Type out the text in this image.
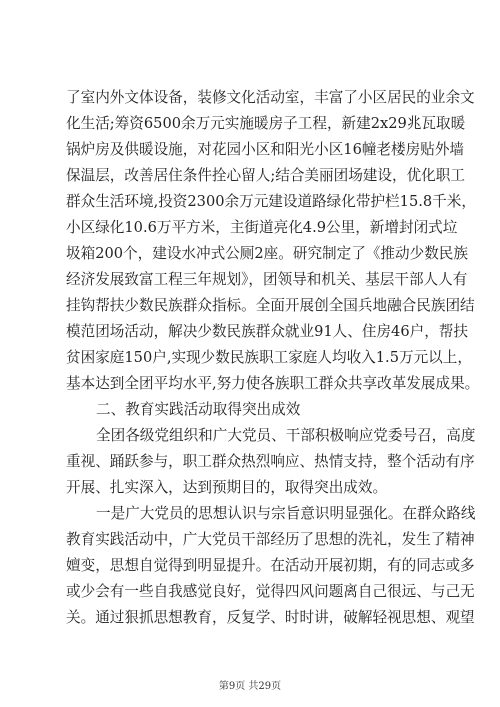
了室内外文体设备，装修文化活动室，丰富了小区居民的业余文
化生活;筹资6500余万元实施暖房子工程，新建2x29兆瓦取暖
锅炉房及供暖设施，对花园小区和阳光小区16幢老楼房贴外墙
保温层，改善居住条件拴心留人;结合美丽团场建设，优化职工
群众生活环境,投资2300余万元建设道路绿化带护栏15.8千米，
小区绿化10.6万平方米，主街道亮化4.9公里，新增封闭式垃
圾箱200个，建设水冲式公厕2座。研究制定了《推动少数民族
经济发展致富工程三年规划》，团领导和机关、基层干部人人有
挂钩帮扶少数民族群众指标。全面开展创全国兵地融合民族团结
模范团场活动，解决少数民族群众就业91人、住房46户，帮扶
贫困家庭150户,实现少数民族职工家庭人均收入1.5万元以上，
基本达到全团平均水平,努力使各族职工群众共享改革发展成果。
二、教育实践活动取得突出成效
全团各级党组织和广大党员、干部积极响应党委号召，高度
重视、踊跃参与，职工群众热烈响应、热情支持，整个活动有序
开展、扎实深入，达到预期目的，取得突出成效。
一是广大党员的思想认识与宗旨意识明显强化。在群众路线
教育实践活动中，广大党员干部经历了思想的洗礼，发生了精神
嬗变，思想自觉得到明显提升。在活动开展初期，有的同志或多
或少会有一些自我感觉良好，觉得四风问题离自己很远、与己无
关。通过狠抓思想教育，反复学、时时讲，破解轻视思想、观望
第9页 共29页
